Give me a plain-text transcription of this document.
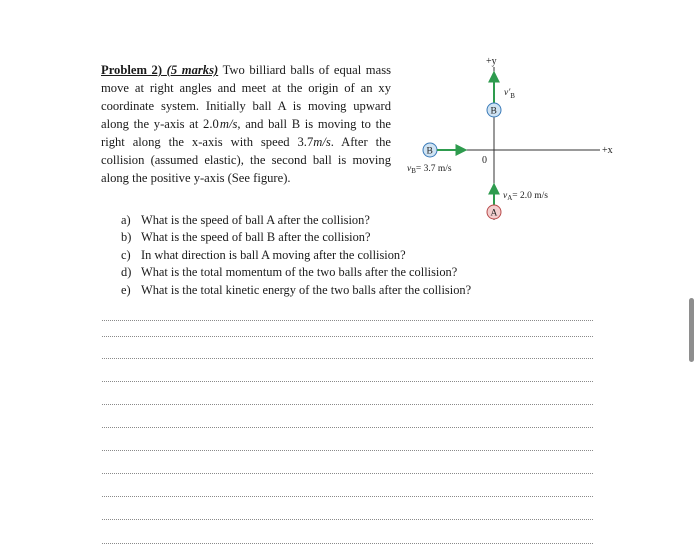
Problem 2) (5 marks) Two billiard balls of equal mass move at right angles and meet at the origin of an xy coordinate system. Initially ball A is moving upward along the y-axis at 2.0 m/s, and ball B is moving to the right along the x-axis with speed 3.7m/s. After the collision (assumed elastic), the second ball is moving along the positive y-axis (See figure).
+y
+x
0
B
$v'_B$
B
$v_B= 3.7$ m/s
A
$v_A= 2.0$ m/s
a) What is the speed of ball A after the collision?
b) What is the speed of ball B after the collision?
c) In what direction is ball A moving after the collision?
d) What is the total momentum of the two balls after the collision?
e) What is the total kinetic energy of the two balls after the collision?
